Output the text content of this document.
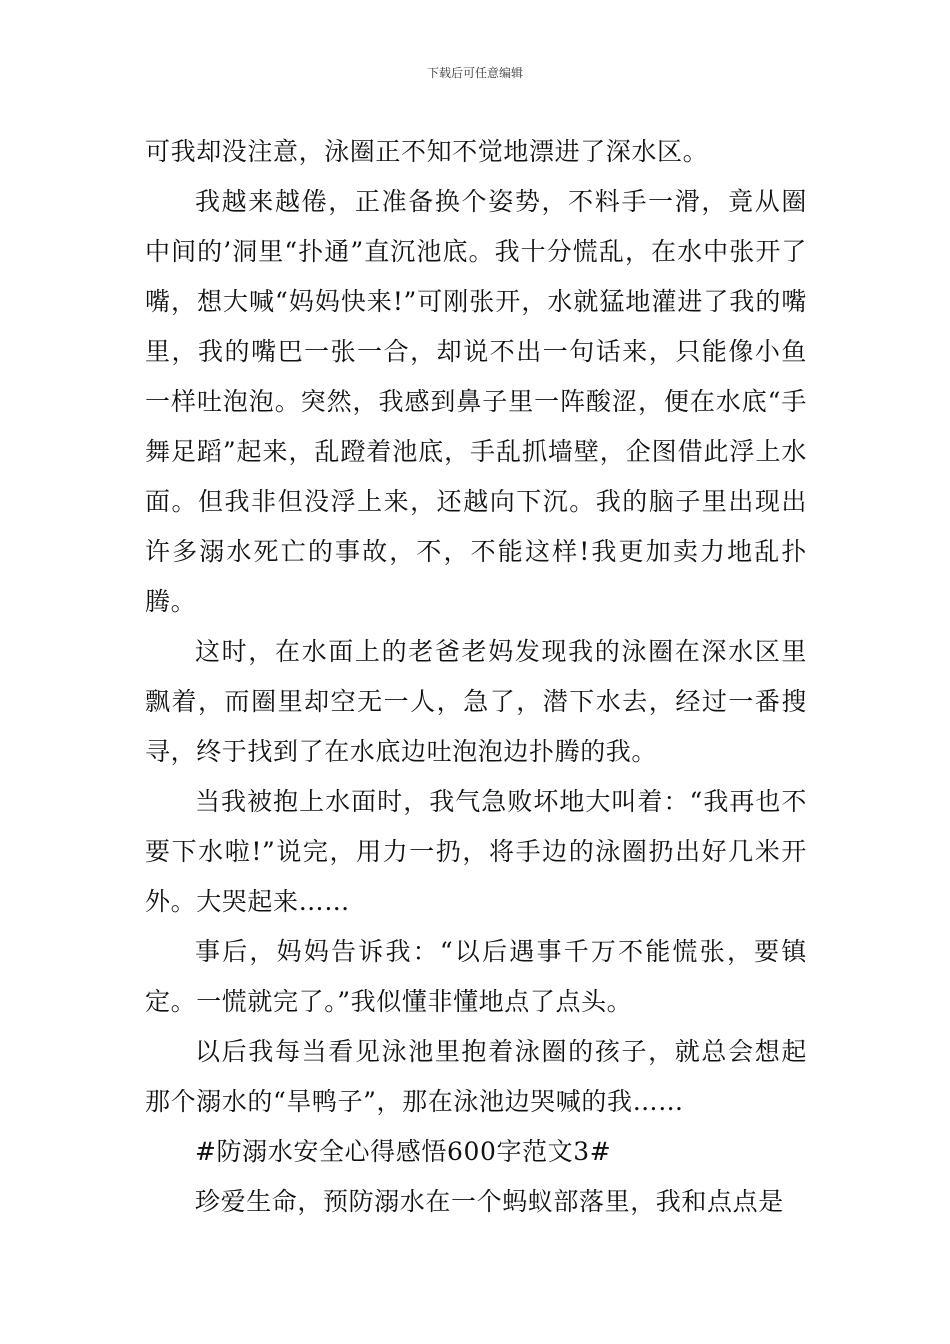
下载后可任意编辑

可我却没注意，泳圈正不知不觉地漂进了深水区。

我越来越倦，正准备换个姿势，不料手一滑，竟从圈中间的’洞里“扑通”直沉池底。我十分慌乱，在水中张开了嘴，想大喊“妈妈快来!”可刚张开，水就猛地灌进了我的嘴里，我的嘴巴一张一合，却说不出一句话来，只能像小鱼一样吐泡泡。突然，我感到鼻子里一阵酸涩，便在水底“手舞足蹈”起来，乱蹬着池底，手乱抓墙壁，企图借此浮上水面。但我非但没浮上来，还越向下沉。我的脑子里出现出许多溺水死亡的事故，不，不能这样!我更加卖力地乱扑腾。

这时，在水面上的老爸老妈发现我的泳圈在深水区里飘着，而圈里却空无一人，急了，潜下水去，经过一番搜寻，终于找到了在水底边吐泡泡边扑腾的我。

当我被抱上水面时，我气急败坏地大叫着：“我再也不要下水啦!”说完，用力一扔，将手边的泳圈扔出好几米开外。大哭起来……

事后，妈妈告诉我：“以后遇事千万不能慌张，要镇定。一慌就完了。”我似懂非懂地点了点头。

以后我每当看见泳池里抱着泳圈的孩子，就总会想起那个溺水的“旱鸭子”，那在泳池边哭喊的我……

#防溺水安全心得感悟600字范文3#

珍爱生命，预防溺水在一个蚂蚁部落里，我和点点是
